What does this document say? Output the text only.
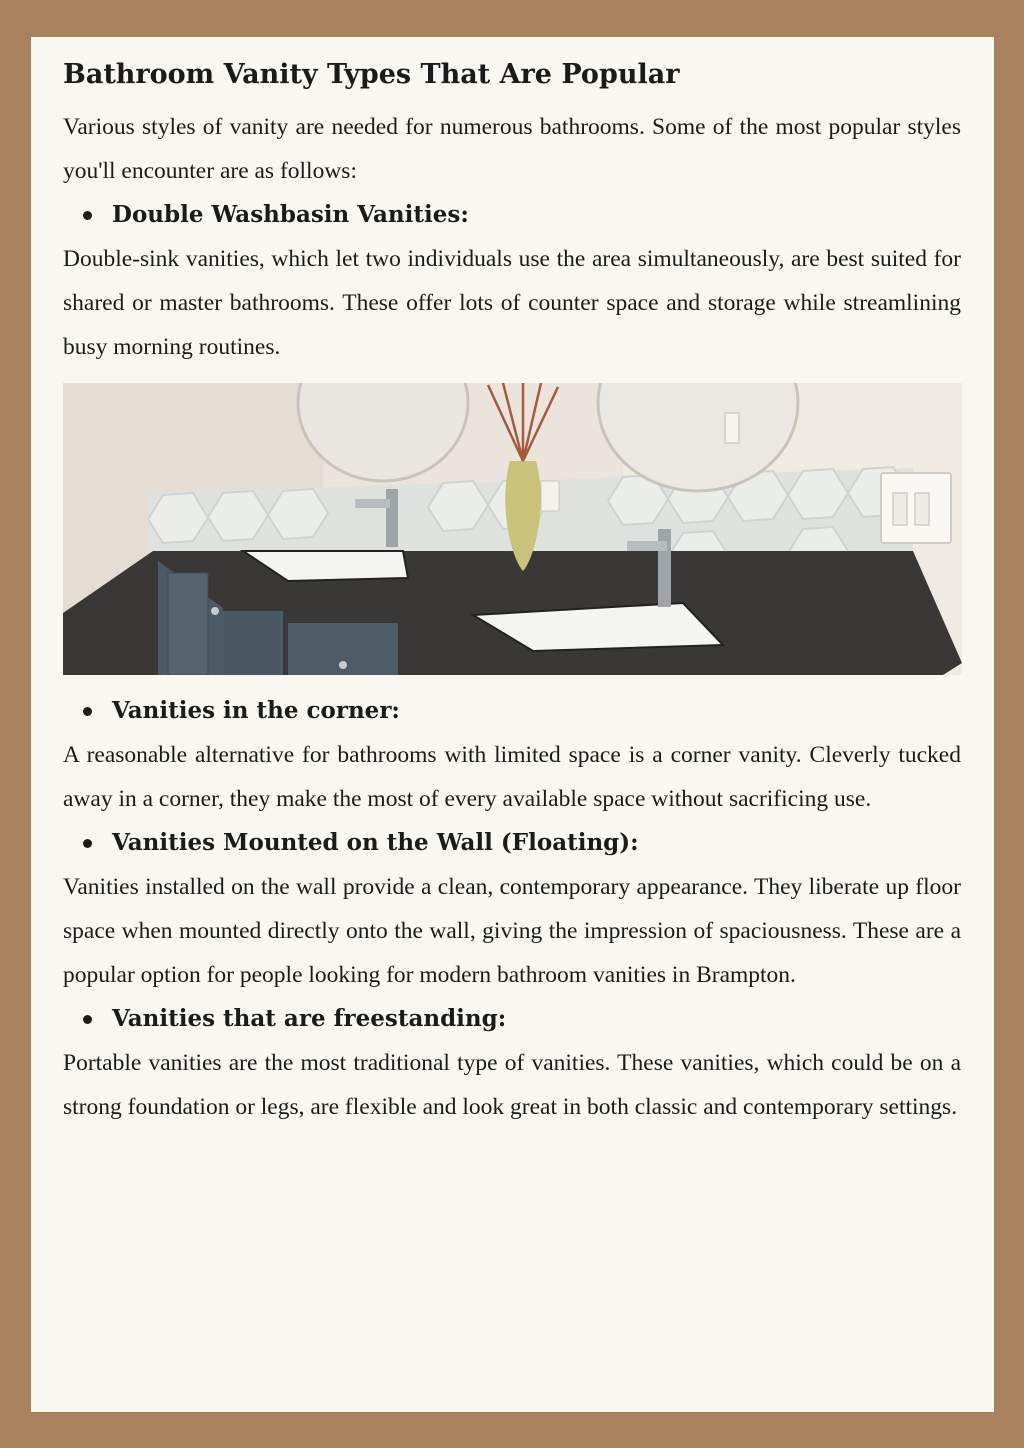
Bathroom Vanity Types That Are Popular

Various styles of vanity are needed for numerous bathrooms. Some of the most popular styles you'll encounter are as follows:

Double Washbasin Vanities:

Double-sink vanities, which let two individuals use the area simultaneously, are best suited for shared or master bathrooms. These offer lots of counter space and storage while streamlining busy morning routines.

Vanities in the corner:

A reasonable alternative for bathrooms with limited space is a corner vanity. Cleverly tucked away in a corner, they make the most of every available space without sacrificing use.

Vanities Mounted on the Wall (Floating):

Vanities installed on the wall provide a clean, contemporary appearance. They liberate up floor space when mounted directly onto the wall, giving the impression of spaciousness. These are a popular option for people looking for modern bathroom vanities in Brampton.

Vanities that are freestanding:

Portable vanities are the most traditional type of vanities. These vanities, which could be on a strong foundation or legs, are flexible and look great in both classic and contemporary settings.
